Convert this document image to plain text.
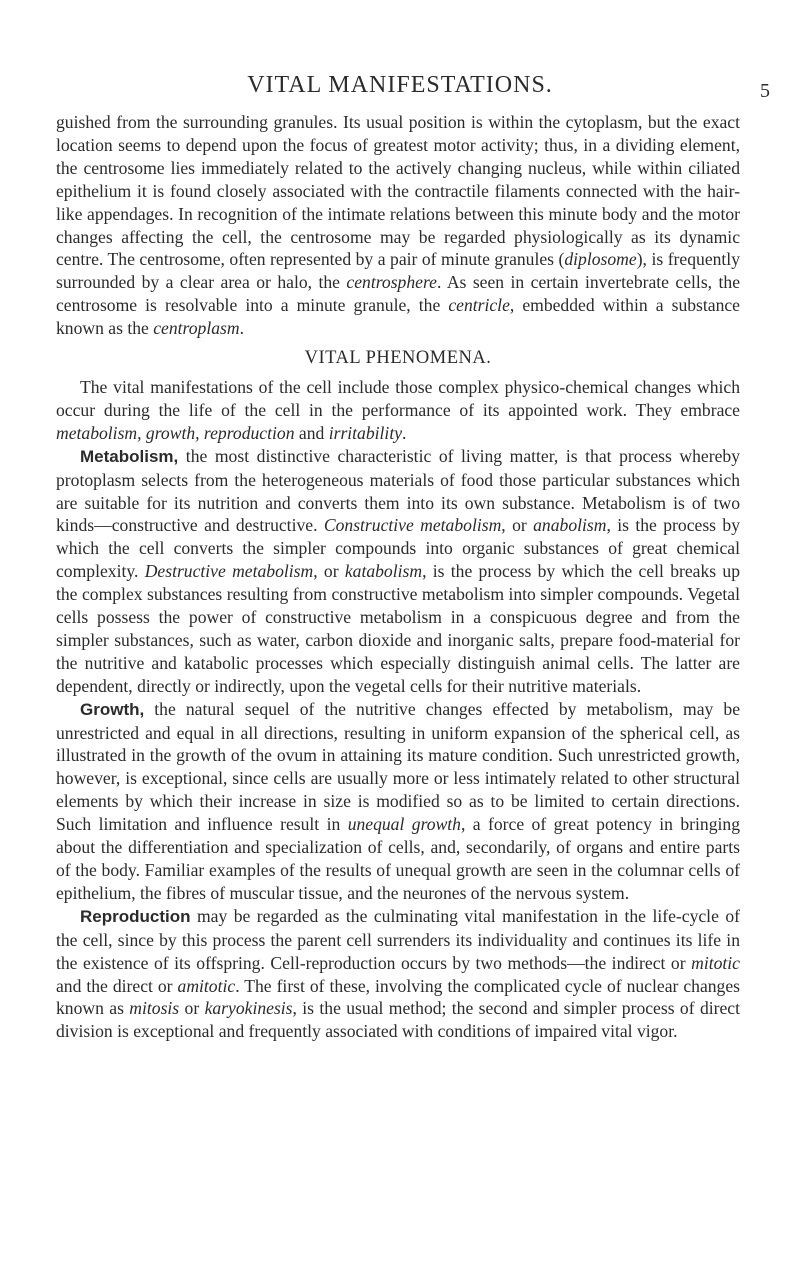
VITAL MANIFESTATIONS.	5

guished from the surrounding granules. Its usual position is within the cytoplasm, but the exact location seems to depend upon the focus of greatest motor activity; thus, in a dividing element, the centrosome lies immediately related to the actively changing nucleus, while within ciliated epithelium it is found closely associated with the contractile filaments connected with the hair-like appendages. In recognition of the intimate relations between this minute body and the motor changes affecting the cell, the centrosome may be regarded physiologically as its dynamic centre. The centrosome, often represented by a pair of minute granules (diplosome), is frequently surrounded by a clear area or halo, the centrosphere. As seen in certain invertebrate cells, the centrosome is resolvable into a minute granule, the centricle, embedded within a substance known as the centroplasm.

VITAL PHENOMENA.

The vital manifestations of the cell include those complex physico-chemical changes which occur during the life of the cell in the performance of its appointed work. They embrace metabolism, growth, reproduction and irritability.

Metabolism, the most distinctive characteristic of living matter, is that process whereby protoplasm selects from the heterogeneous materials of food those particular substances which are suitable for its nutrition and converts them into its own substance. Metabolism is of two kinds—constructive and destructive. Constructive metabolism, or anabolism, is the process by which the cell converts the simpler compounds into organic substances of great chemical complexity. Destructive metabolism, or katabolism, is the process by which the cell breaks up the complex substances resulting from constructive metabolism into simpler compounds. Vegetal cells possess the power of constructive metabolism in a conspicuous degree and from the simpler substances, such as water, carbon dioxide and inorganic salts, prepare food-material for the nutritive and katabolic processes which especially distinguish animal cells. The latter are dependent, directly or indirectly, upon the vegetal cells for their nutritive materials.

Growth, the natural sequel of the nutritive changes effected by metabolism, may be unrestricted and equal in all directions, resulting in uniform expansion of the spherical cell, as illustrated in the growth of the ovum in attaining its mature condition. Such unrestricted growth, however, is exceptional, since cells are usually more or less intimately related to other structural elements by which their increase in size is modified so as to be limited to certain directions. Such limitation and influence result in unequal growth, a force of great potency in bringing about the differentiation and specialization of cells, and, secondarily, of organs and entire parts of the body. Familiar examples of the results of unequal growth are seen in the columnar cells of epithelium, the fibres of muscular tissue, and the neurones of the nervous system.

Reproduction may be regarded as the culminating vital manifestation in the life-cycle of the cell, since by this process the parent cell surrenders its individuality and continues its life in the existence of its offspring. Cell-reproduction occurs by two methods—the indirect or mitotic and the direct or amitotic. The first of these, involving the complicated cycle of nuclear changes known as mitosis or karyokinesis, is the usual method; the second and simpler process of direct division is exceptional and frequently associated with conditions of impaired vital vigor.
